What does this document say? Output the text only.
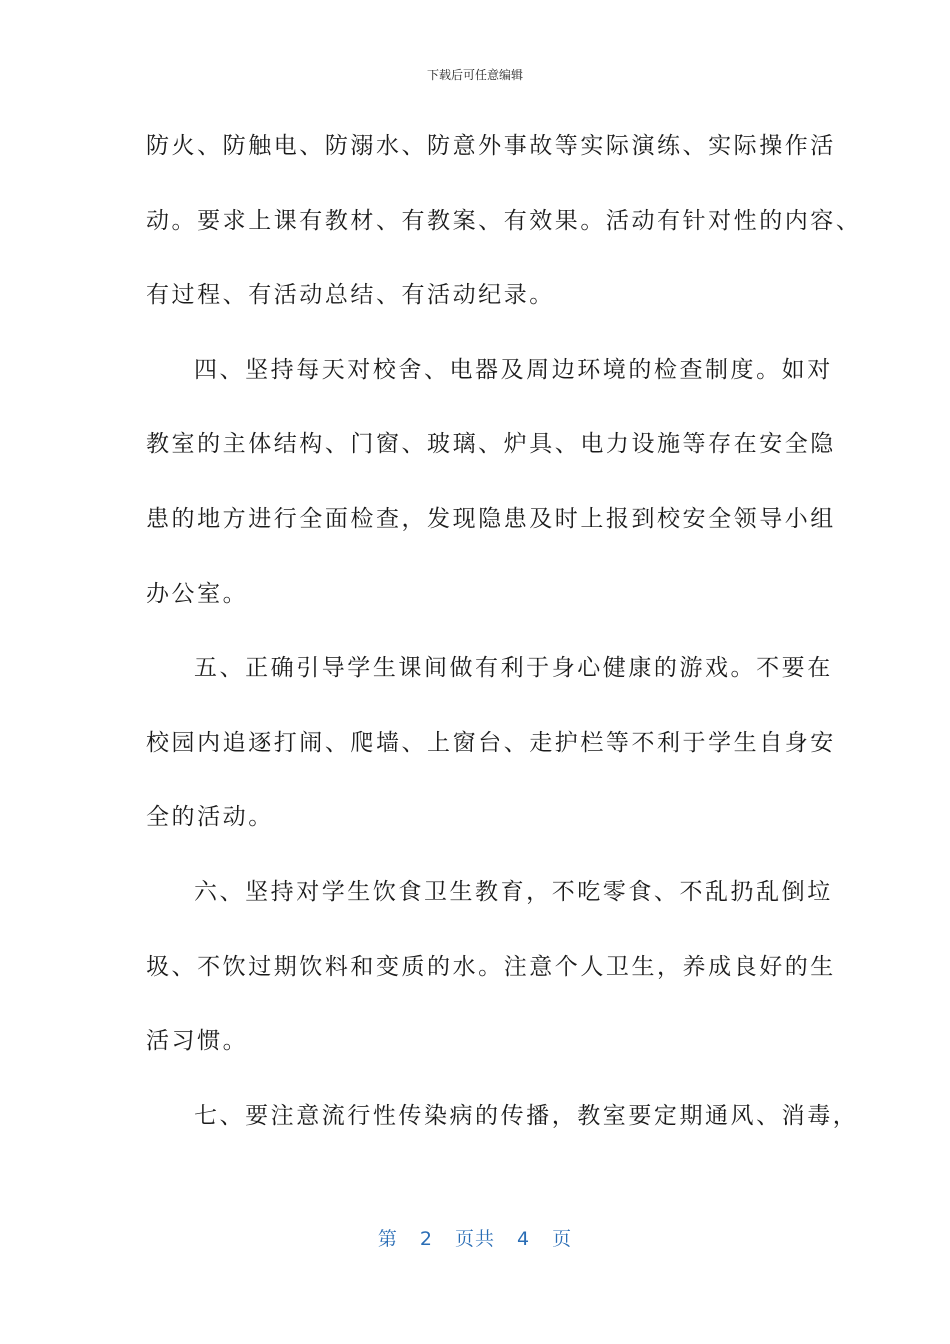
下载后可任意编辑
防火、防触电、防溺水、防意外事故等实际演练、实际操作活
动。要求上课有教材、有教案、有效果。活动有针对性的内容、
有过程、有活动总结、有活动纪录。
四、坚持每天对校舍、电器及周边环境的检查制度。如对
教室的主体结构、门窗、玻璃、炉具、电力设施等存在安全隐
患的地方进行全面检查，发现隐患及时上报到校安全领导小组
办公室。
五、正确引导学生课间做有利于身心健康的游戏。不要在
校园内追逐打闹、爬墙、上窗台、走护栏等不利于学生自身安
全的活动。
六、坚持对学生饮食卫生教育，不吃零食、不乱扔乱倒垃
圾、不饮过期饮料和变质的水。注意个人卫生，养成良好的生
活习惯。
七、要注意流行性传染病的传播，教室要定期通风、消毒，
第 2 页共 4 页
